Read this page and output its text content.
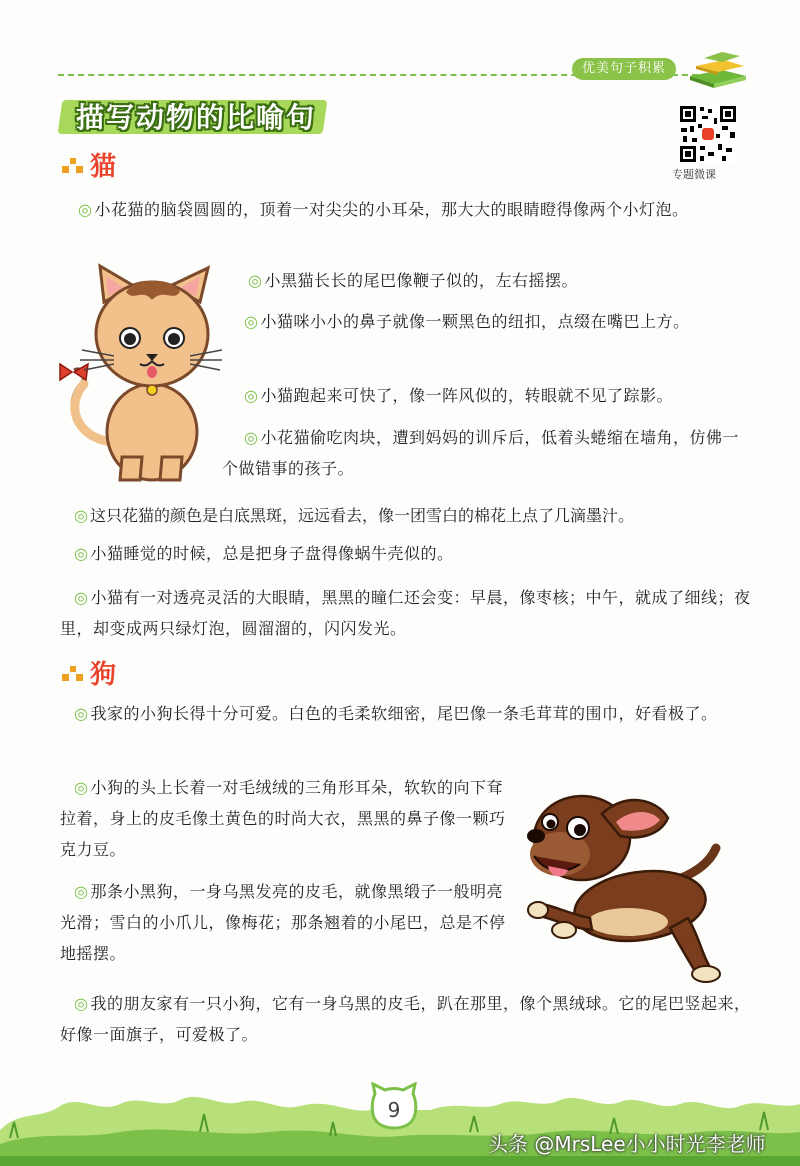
优美句子积累
描写动物的比喻句
专题微课
猫

◎ 小花猫的脑袋圆圆的，顶着一对尖尖的小耳朵，那大大的眼睛瞪得像两个小灯泡。

◎ 小黑猫长长的尾巴像鞭子似的，左右摇摆。

◎ 小猫咪小小的鼻子就像一颗黑色的纽扣，点缀在嘴巴上方。

◎ 小猫跑起来可快了，像一阵风似的，转眼就不见了踪影。

◎ 小花猫偷吃肉块，遭到妈妈的训斥后，低着头蜷缩在墙角，仿佛一个做错事的孩子。

◎ 这只花猫的颜色是白底黑斑，远远看去，像一团雪白的棉花上点了几滴墨汁。

◎ 小猫睡觉的时候，总是把身子盘得像蜗牛壳似的。

◎ 小猫有一对透亮灵活的大眼睛，黑黑的瞳仁还会变：早晨，像枣核；中午，就成了细线；夜里，却变成两只绿灯泡，圆溜溜的，闪闪发光。

狗

◎ 我家的小狗长得十分可爱。白色的毛柔软细密，尾巴像一条毛茸茸的围巾，好看极了。

◎ 小狗的头上长着一对毛绒绒的三角形耳朵，软软的向下耷拉着，身上的皮毛像土黄色的时尚大衣，黑黑的鼻子像一颗巧克力豆。

◎ 那条小黑狗，一身乌黑发亮的皮毛，就像黑缎子一般明亮光滑；雪白的小爪儿，像梅花；那条翘着的小尾巴，总是不停地摇摆。

◎ 我的朋友家有一只小狗，它有一身乌黑的皮毛，趴在那里，像个黑绒球。它的尾巴竖起来，好像一面旗子，可爱极了。

9
头条 @MrsLee小小时光李老师
